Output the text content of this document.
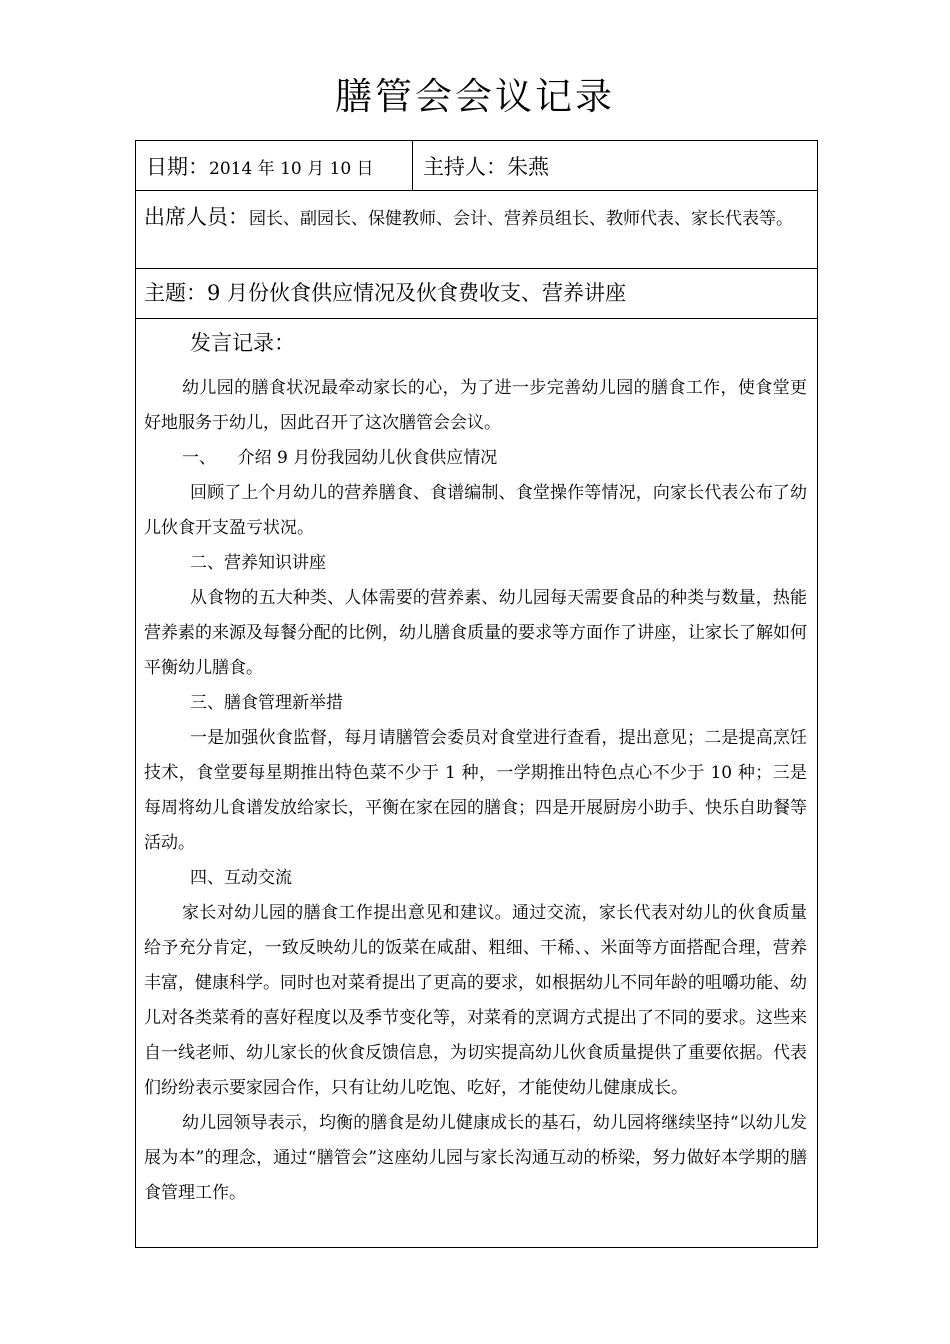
膳管会会议记录
日期：2014 年 10 月 10 日	主持人：朱燕
出席人员：园长、副园长、保健教师、会计、营养员组长、教师代表、家长代表等。
主题：9 月份伙食供应情况及伙食费收支、营养讲座
发言记录：

幼儿园的膳食状况最牵动家长的心，为了进一步完善幼儿园的膳食工作，使食堂更好地服务于幼儿，因此召开了这次膳管会会议。

一、    介绍 9 月份我园幼儿伙食供应情况

回顾了上个月幼儿的营养膳食、食谱编制、食堂操作等情况，向家长代表公布了幼儿伙食开支盈亏状况。

二、营养知识讲座

从食物的五大种类、人体需要的营养素、幼儿园每天需要食品的种类与数量，热能营养素的来源及每餐分配的比例，幼儿膳食质量的要求等方面作了讲座，让家长了解如何平衡幼儿膳食。

三、膳食管理新举措

一是加强伙食监督，每月请膳管会委员对食堂进行查看，提出意见；二是提高烹饪技术，食堂要每星期推出特色菜不少于 1 种，一学期推出特色点心不少于 10 种；三是每周将幼儿食谱发放给家长，平衡在家在园的膳食；四是开展厨房小助手、快乐自助餐等活动。

四、互动交流

家长对幼儿园的膳食工作提出意见和建议。通过交流，家长代表对幼儿的伙食质量给予充分肯定，一致反映幼儿的饭菜在咸甜、粗细、干稀、、米面等方面搭配合理，营养丰富，健康科学。同时也对菜肴提出了更高的要求，如根据幼儿不同年龄的咀嚼功能、幼儿对各类菜肴的喜好程度以及季节变化等，对菜肴的烹调方式提出了不同的要求。这些来自一线老师、幼儿家长的伙食反馈信息，为切实提高幼儿伙食质量提供了重要依据。代表们纷纷表示要家园合作，只有让幼儿吃饱、吃好，才能使幼儿健康成长。

幼儿园领导表示，均衡的膳食是幼儿健康成长的基石，幼儿园将继续坚持“以幼儿发展为本”的理念，通过“膳管会”这座幼儿园与家长沟通互动的桥梁，努力做好本学期的膳食管理工作。
